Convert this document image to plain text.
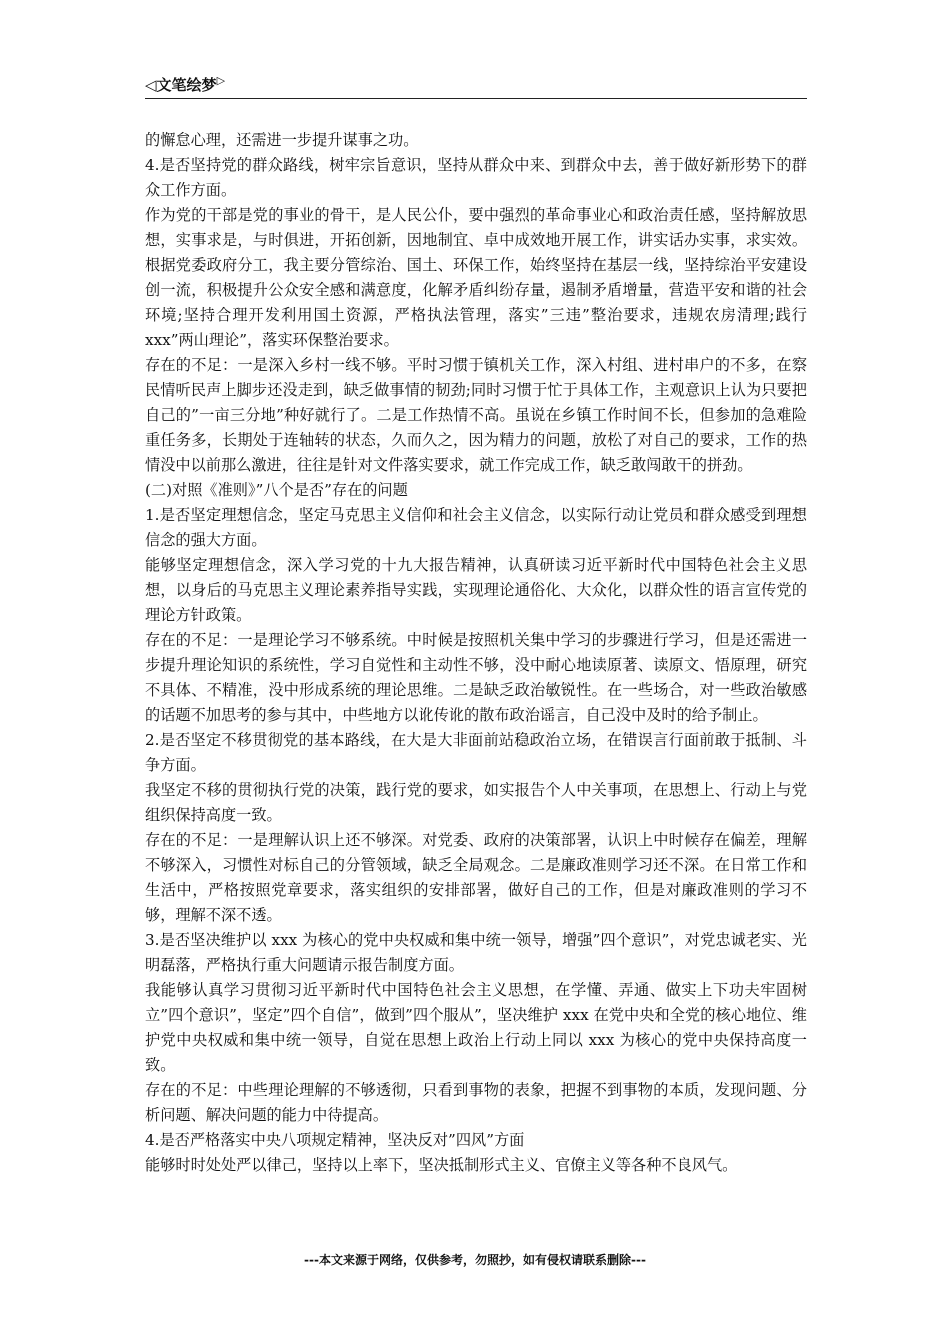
◁文笔绘梦▷

的懈怠心理，还需进一步提升谋事之功。

4.是否坚持党的群众路线，树牢宗旨意识，坚持从群众中来、到群众中去，善于做好新形势下的群众工作方面。

作为党的干部是党的事业的骨干，是人民公仆，要中强烈的革命事业心和政治责任感，坚持解放思想，实事求是，与时俱进，开拓创新，因地制宜、卓中成效地开展工作，讲实话办实事，求实效。根据党委政府分工，我主要分管综治、国土、环保工作，始终坚持在基层一线，坚持综治平安建设创一流，积极提升公众安全感和满意度，化解矛盾纠纷存量，遏制矛盾增量，营造平安和谐的社会环境;坚持合理开发利用国土资源，严格执法管理，落实”三违”整治要求，违规农房清理;践行 xxx”两山理论”，落实环保整治要求。

存在的不足：一是深入乡村一线不够。平时习惯于镇机关工作，深入村组、进村串户的不多，在察民情听民声上脚步还没走到，缺乏做事情的韧劲;同时习惯于忙于具体工作，主观意识上认为只要把自己的”一亩三分地”种好就行了。二是工作热情不高。虽说在乡镇工作时间不长，但参加的急难险重任务多，长期处于连轴转的状态，久而久之，因为精力的问题，放松了对自己的要求，工作的热情没中以前那么激进，往往是针对文件落实要求，就工作完成工作，缺乏敢闯敢干的拼劲。

(二)对照《准则》”八个是否”存在的问题

1.是否坚定理想信念，坚定马克思主义信仰和社会主义信念，以实际行动让党员和群众感受到理想信念的强大方面。

能够坚定理想信念，深入学习党的十九大报告精神，认真研读习近平新时代中国特色社会主义思想，以身后的马克思主义理论素养指导实践，实现理论通俗化、大众化，以群众性的语言宣传党的理论方针政策。

存在的不足：一是理论学习不够系统。中时候是按照机关集中学习的步骤进行学习，但是还需进一步提升理论知识的系统性，学习自觉性和主动性不够，没中耐心地读原著、读原文、悟原理，研究不具体、不精准，没中形成系统的理论思维。二是缺乏政治敏锐性。在一些场合，对一些政治敏感的话题不加思考的参与其中，中些地方以讹传讹的散布政治谣言，自己没中及时的给予制止。

2.是否坚定不移贯彻党的基本路线，在大是大非面前站稳政治立场，在错误言行面前敢于抵制、斗争方面。

我坚定不移的贯彻执行党的决策，践行党的要求，如实报告个人中关事项，在思想上、行动上与党组织保持高度一致。

存在的不足：一是理解认识上还不够深。对党委、政府的决策部署，认识上中时候存在偏差，理解不够深入，习惯性对标自己的分管领域，缺乏全局观念。二是廉政准则学习还不深。在日常工作和生活中，严格按照党章要求，落实组织的安排部署，做好自己的工作，但是对廉政准则的学习不够，理解不深不透。

3.是否坚决维护以 xxx 为核心的党中央权威和集中统一领导，增强”四个意识”，对党忠诚老实、光明磊落，严格执行重大问题请示报告制度方面。

我能够认真学习贯彻习近平新时代中国特色社会主义思想，在学懂、弄通、做实上下功夫牢固树立”四个意识”，坚定”四个自信”，做到”四个服从”，坚决维护 xxx 在党中央和全党的核心地位、维护党中央权威和集中统一领导，自觉在思想上政治上行动上同以 xxx 为核心的党中央保持高度一致。

存在的不足：中些理论理解的不够透彻，只看到事物的表象，把握不到事物的本质，发现问题、分析问题、解决问题的能力中待提高。

4.是否严格落实中央八项规定精神，坚决反对”四风”方面

能够时时处处严以律己，坚持以上率下，坚决抵制形式主义、官僚主义等各种不良风气。

---本文来源于网络，仅供参考，勿照抄，如有侵权请联系删除---
